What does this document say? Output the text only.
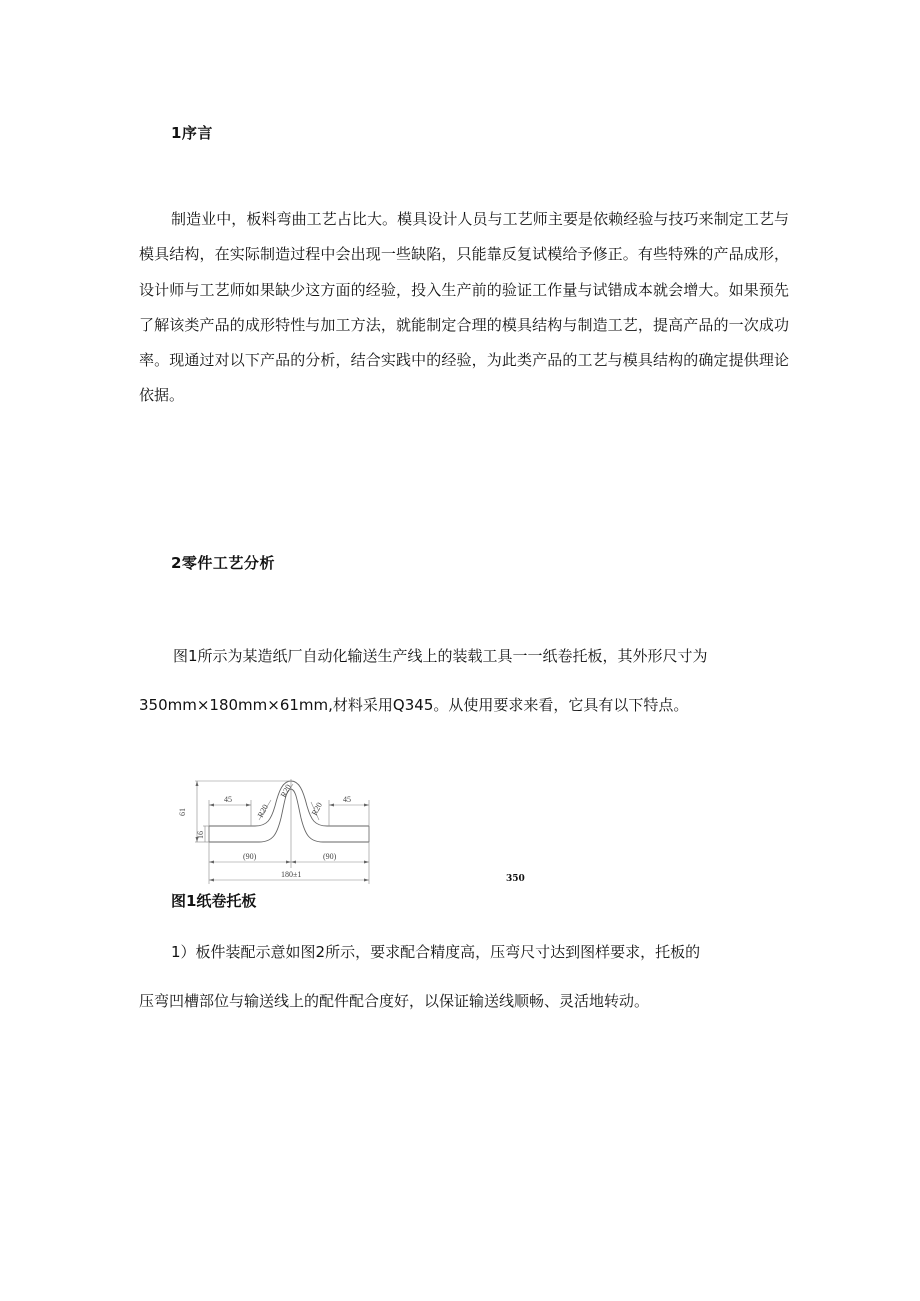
1序言

制造业中，板料弯曲工艺占比大。模具设计人员与工艺师主要是依赖经验与技巧来制定工艺与模具结构，在实际制造过程中会出现一些缺陷，只能靠反复试模给予修正。有些特殊的产品成形，设计师与工艺师如果缺少这方面的经验，投入生产前的验证工作量与试错成本就会增大。如果预先了解该类产品的成形特性与加工方法，就能制定合理的模具结构与制造工艺，提高产品的一次成功率。现通过对以下产品的分析，结合实践中的经验，为此类产品的工艺与模具结构的确定提供理论依据。

2零件工艺分析

图1所示为某造纸厂自动化输送生产线上的装载工具一一纸卷托板，其外形尺寸为

350mm×180mm×61mm,材料采用Q345。从使用要求来看，它具有以下特点。

61
16
45	45
R20
R20
R20
(90)	(90)
180±1	350

图1纸卷托板

1）板件装配示意如图2所示，要求配合精度高，压弯尺寸达到图样要求，托板的

压弯凹槽部位与输送线上的配件配合度好，以保证输送线顺畅、灵活地转动。
